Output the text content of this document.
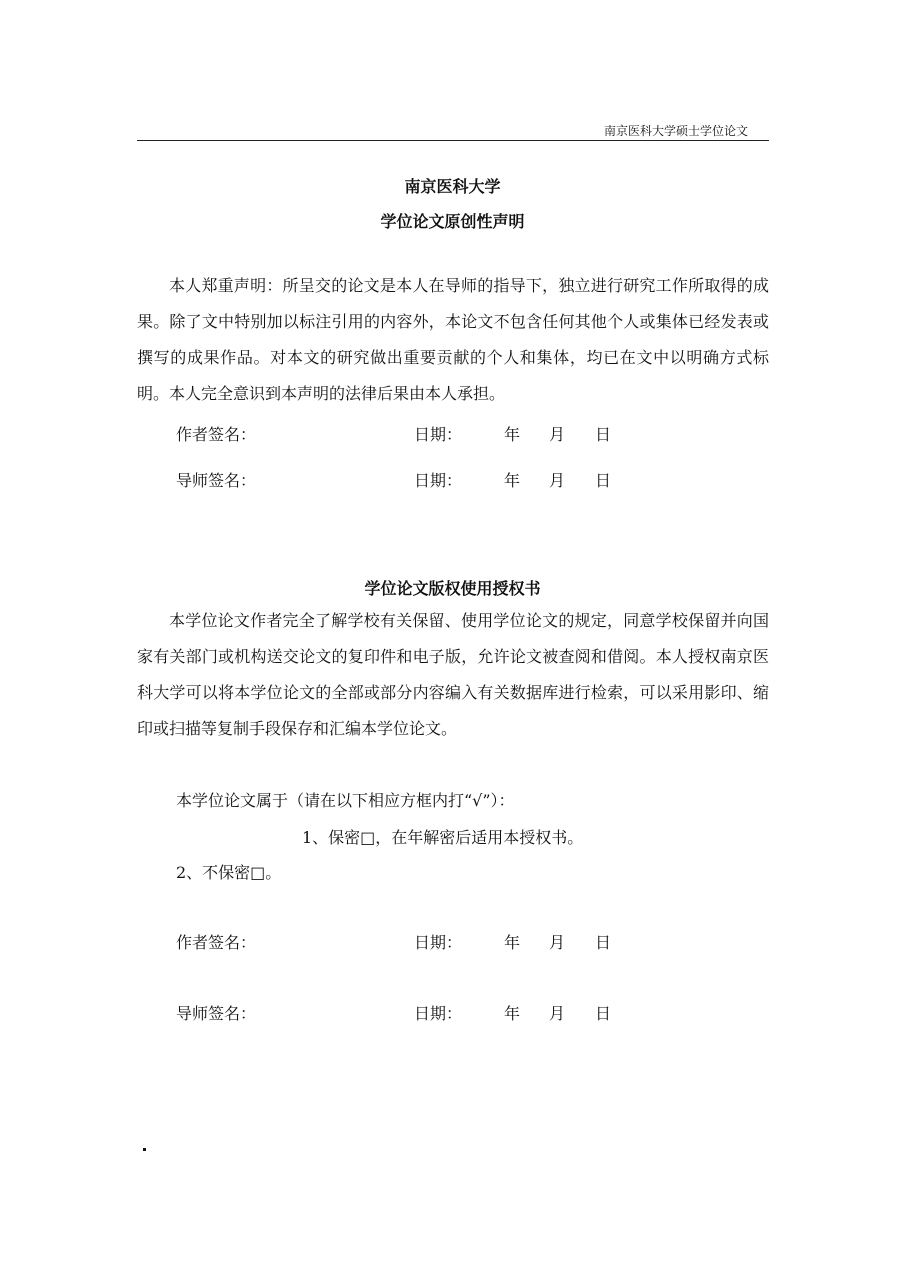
南京医科大学硕士学位论文
南京医科大学
学位论文原创性声明
本人郑重声明：所呈交的论文是本人在导师的指导下，独立进行研究工作所取得的成果。除了文中特别加以标注引用的内容外，本论文不包含任何其他个人或集体已经发表或撰写的成果作品。对本文的研究做出重要贡献的个人和集体，均已在文中以明确方式标明。本人完全意识到本声明的法律后果由本人承担。
作者签名：	日期：	年 月 日
导师签名：	日期：	年 月 日
学位论文版权使用授权书
本学位论文作者完全了解学校有关保留、使用学位论文的规定，同意学校保留并向国家有关部门或机构送交论文的复印件和电子版，允许论文被查阅和借阅。本人授权南京医科大学可以将本学位论文的全部或部分内容编入有关数据库进行检索，可以采用影印、缩印或扫描等复制手段保存和汇编本学位论文。
本学位论文属于（请在以下相应方框内打“√”）：
1、保密□，在年解密后适用本授权书。
2、不保密□。
作者签名：	日期：	年 月 日
导师签名：	日期：	年 月 日
